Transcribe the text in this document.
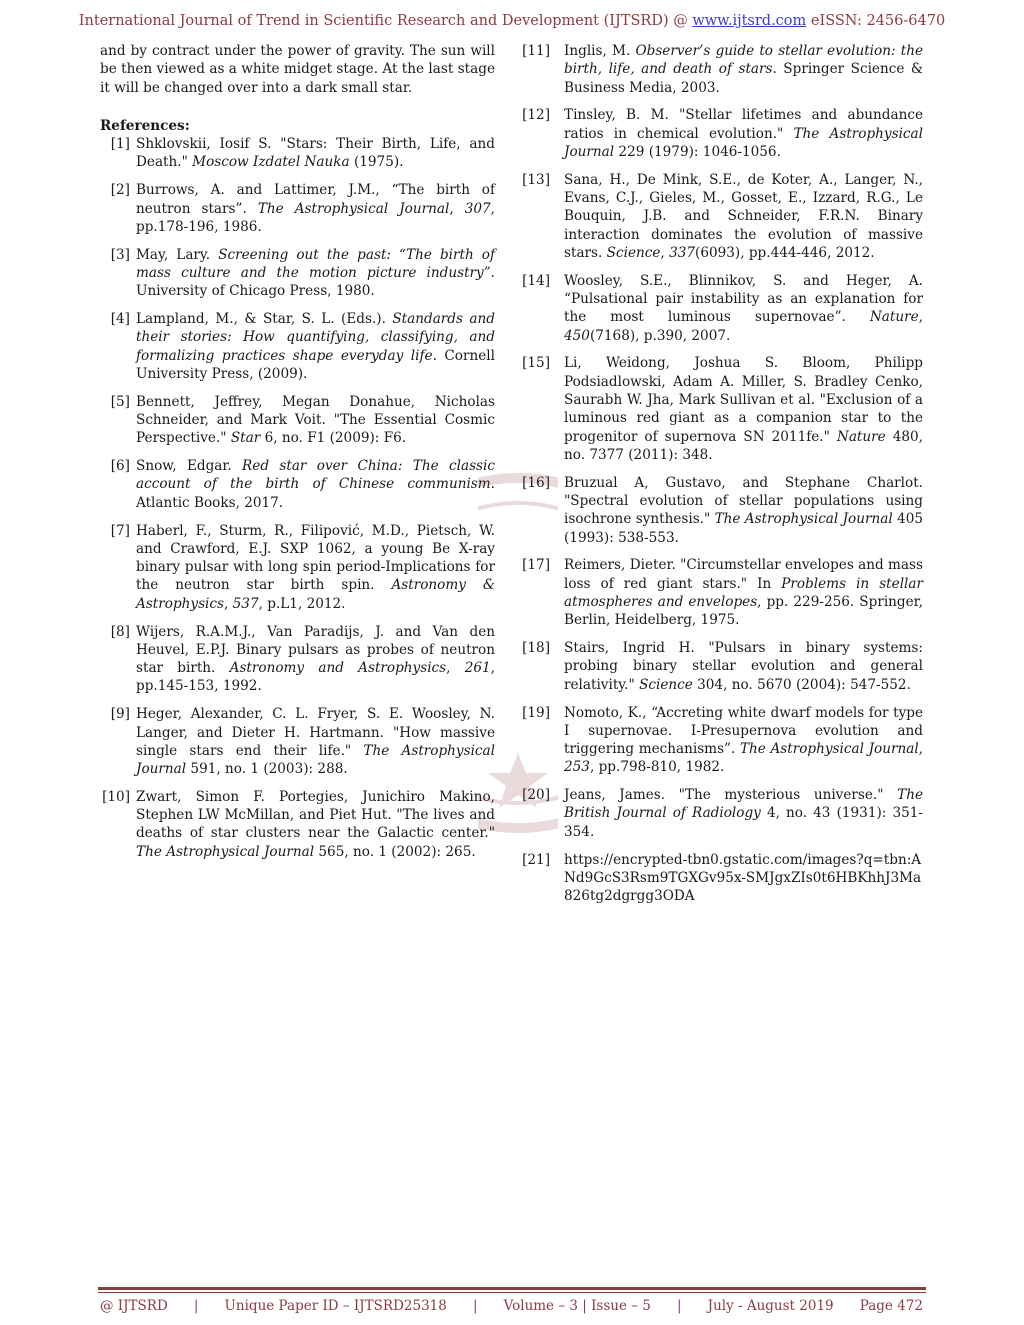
International Journal of Trend in Scientific Research and Development (IJTSRD) @ www.ijtsrd.com eISSN: 2456-6470

and by contract under the power of gravity. The sun will be then viewed as a white midget stage. At the last stage it will be changed over into a dark small star.

References:
[1] Shklovskii, Iosif S. "Stars: Their Birth, Life, and Death." Moscow Izdatel Nauka (1975).
[2] Burrows, A. and Lattimer, J.M., “The birth of neutron stars”. The Astrophysical Journal, 307, pp.178-196, 1986.
[3] May, Lary. Screening out the past: “The birth of mass culture and the motion picture industry”. University of Chicago Press, 1980.
[4] Lampland, M., & Star, S. L. (Eds.). Standards and their stories: How quantifying, classifying, and formalizing practices shape everyday life. Cornell University Press, (2009).
[5] Bennett, Jeffrey, Megan Donahue, Nicholas Schneider, and Mark Voit. "The Essential Cosmic Perspective." Star 6, no. F1 (2009): F6.
[6] Snow, Edgar. Red star over China: The classic account of the birth of Chinese communism. Atlantic Books, 2017.
[7] Haberl, F., Sturm, R., Filipović, M.D., Pietsch, W. and Crawford, E.J. SXP 1062, a young Be X-ray binary pulsar with long spin period-Implications for the neutron star birth spin. Astronomy & Astrophysics, 537, p.L1, 2012.
[8] Wijers, R.A.M.J., Van Paradijs, J. and Van den Heuvel, E.P.J. Binary pulsars as probes of neutron star birth. Astronomy and Astrophysics, 261, pp.145-153, 1992.
[9] Heger, Alexander, C. L. Fryer, S. E. Woosley, N. Langer, and Dieter H. Hartmann. "How massive single stars end their life." The Astrophysical Journal 591, no. 1 (2003): 288.
[10] Zwart, Simon F. Portegies, Junichiro Makino, Stephen LW McMillan, and Piet Hut. "The lives and deaths of star clusters near the Galactic center." The Astrophysical Journal 565, no. 1 (2002): 265.
[11] Inglis, M. Observer’s guide to stellar evolution: the birth, life, and death of stars. Springer Science & Business Media, 2003.
[12] Tinsley, B. M. "Stellar lifetimes and abundance ratios in chemical evolution." The Astrophysical Journal 229 (1979): 1046-1056.
[13] Sana, H., De Mink, S.E., de Koter, A., Langer, N., Evans, C.J., Gieles, M., Gosset, E., Izzard, R.G., Le Bouquin, J.B. and Schneider, F.R.N. Binary interaction dominates the evolution of massive stars. Science, 337(6093), pp.444-446, 2012.
[14] Woosley, S.E., Blinnikov, S. and Heger, A. “Pulsational pair instability as an explanation for the most luminous supernovae”. Nature, 450(7168), p.390, 2007.
[15] Li, Weidong, Joshua S. Bloom, Philipp Podsiadlowski, Adam A. Miller, S. Bradley Cenko, Saurabh W. Jha, Mark Sullivan et al. "Exclusion of a luminous red giant as a companion star to the progenitor of supernova SN 2011fe." Nature 480, no. 7377 (2011): 348.
[16] Bruzual A, Gustavo, and Stephane Charlot. "Spectral evolution of stellar populations using isochrone synthesis." The Astrophysical Journal 405 (1993): 538-553.
[17] Reimers, Dieter. "Circumstellar envelopes and mass loss of red giant stars." In Problems in stellar atmospheres and envelopes, pp. 229-256. Springer, Berlin, Heidelberg, 1975.
[18] Stairs, Ingrid H. "Pulsars in binary systems: probing binary stellar evolution and general relativity." Science 304, no. 5670 (2004): 547-552.
[19] Nomoto, K., “Accreting white dwarf models for type I supernovae. I-Presupernova evolution and triggering mechanisms”. The Astrophysical Journal, 253, pp.798-810, 1982.
[20] Jeans, James. "The mysterious universe." The British Journal of Radiology 4, no. 43 (1931): 351-354.
[21] https://encrypted-tbn0.gstatic.com/images?q=tbn:ANd9GcS3Rsm9TGXGv95x-SMJgxZIs0t6HBKhhJ3Ma826tg2dgrgg3ODA
@ IJTSRD | Unique Paper ID – IJTSRD25318 | Volume – 3 | Issue – 5 | July - August 2019 Page 472
